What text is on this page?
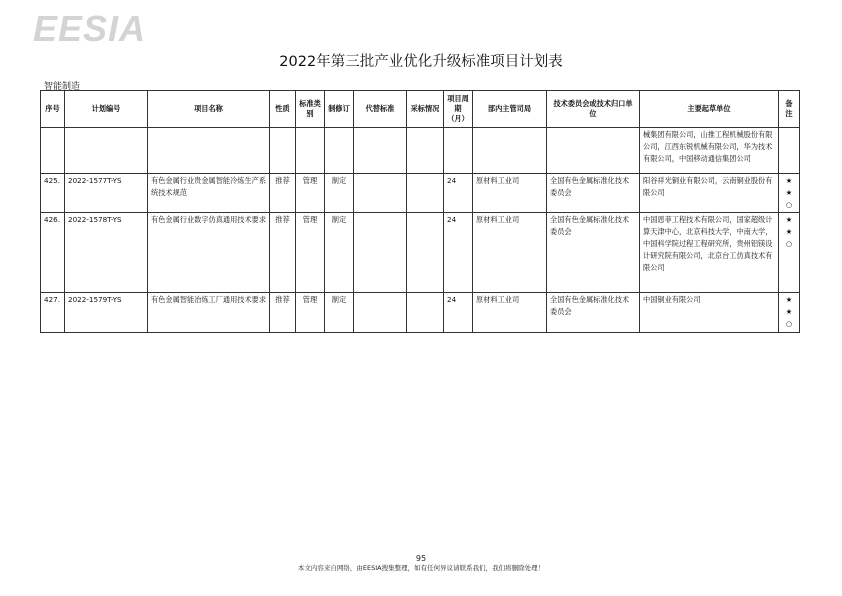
EESIA
2022年第三批产业优化升级标准项目计划表
智能制造
序号	计划编号	项目名称	性质	标准类别	制修订	代替标准	采标情况	项目周期（月）	部内主管司局	技术委员会或技术归口单位	主要起草单位	备注
											械集团有限公司，山推工程机械股份有限公司，江西东锐机械有限公司，华为技术有限公司，中国移动通信集团公司	

425.	2022-1577T-YS	有色金属行业贵金属智能冷炼生产系统技术规范	推荐	管理	制定			24	原材料工业司	全国有色金属标准化技术委员会	阳谷祥光铜业有限公司，云南铜业股份有限公司	★
★
○

426.	2022-1578T-YS	有色金属行业数字仿真通用技术要求	推荐	管理	制定			24	原材料工业司	全国有色金属标准化技术委员会	中国恩菲工程技术有限公司，国家超级计算天津中心，北京科技大学，中南大学，中国科学院过程工程研究所，贵州铝镁设计研究院有限公司，北京台工仿真技术有限公司	★
★
○

427.	2022-1579T-YS	有色金属智能冶炼工厂通用技术要求	推荐	管理	制定			24	原材料工业司	全国有色金属标准化技术委员会	中国铜业有限公司	★
★
○
95
本文内容来自网络，由EESIA搜集整理，如有任何异议请联系我们，我们将删除处理！
